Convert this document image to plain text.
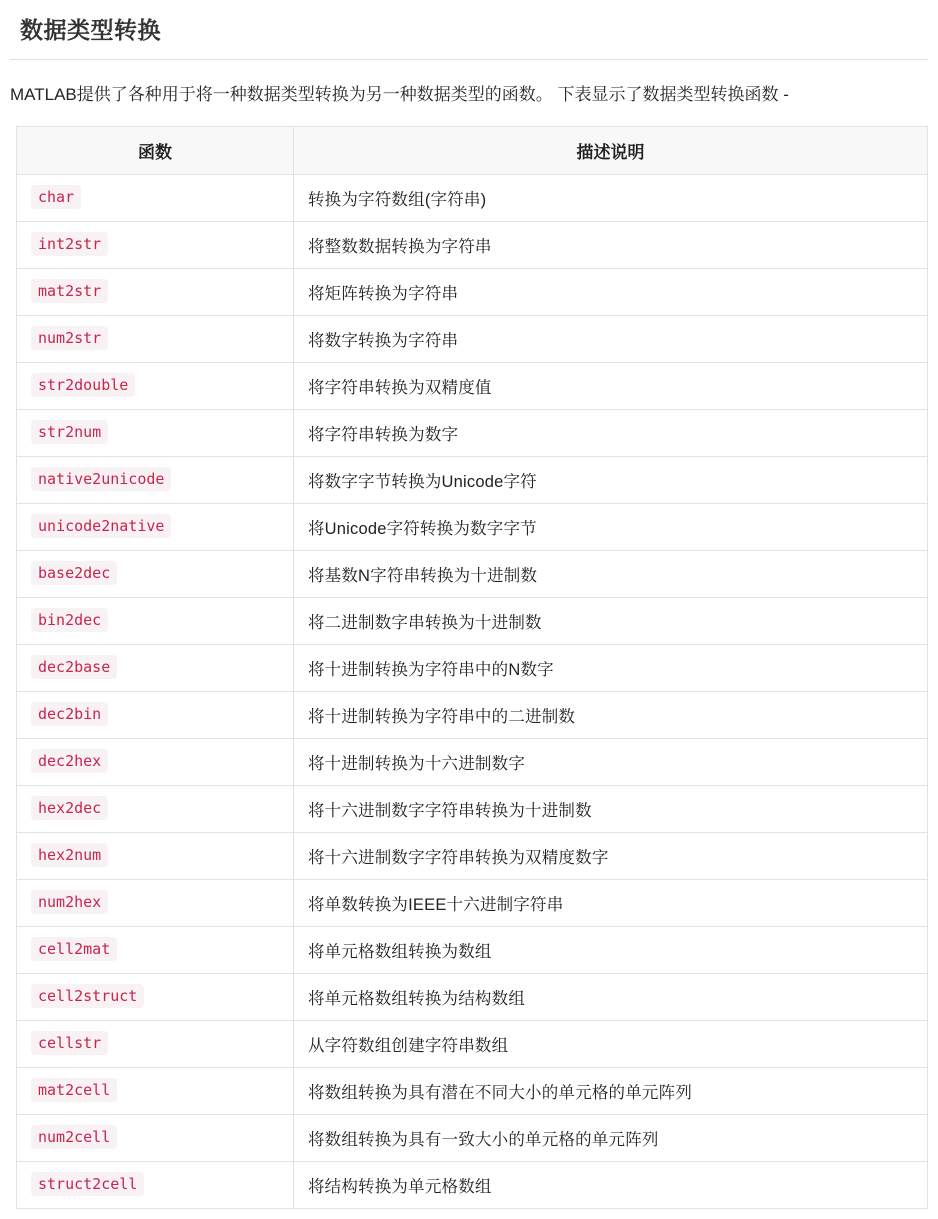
数据类型转换

MATLAB提供了各种用于将一种数据类型转换为另一种数据类型的函数。 下表显示了数据类型转换函数 -

函数	描述说明
char	转换为字符数组(字符串)
int2str	将整数数据转换为字符串
mat2str	将矩阵转换为字符串
num2str	将数字转换为字符串
str2double	将字符串转换为双精度值
str2num	将字符串转换为数字
native2unicode	将数字字节转换为Unicode字符
unicode2native	将Unicode字符转换为数字字节
base2dec	将基数N字符串转换为十进制数
bin2dec	将二进制数字串转换为十进制数
dec2base	将十进制转换为字符串中的N数字
dec2bin	将十进制转换为字符串中的二进制数
dec2hex	将十进制转换为十六进制数字
hex2dec	将十六进制数字字符串转换为十进制数
hex2num	将十六进制数字字符串转换为双精度数字
num2hex	将单数转换为IEEE十六进制字符串
cell2mat	将单元格数组转换为数组
cell2struct	将单元格数组转换为结构数组
cellstr	从字符数组创建字符串数组
mat2cell	将数组转换为具有潜在不同大小的单元格的单元阵列
num2cell	将数组转换为具有一致大小的单元格的单元阵列
struct2cell	将结构转换为单元格数组
